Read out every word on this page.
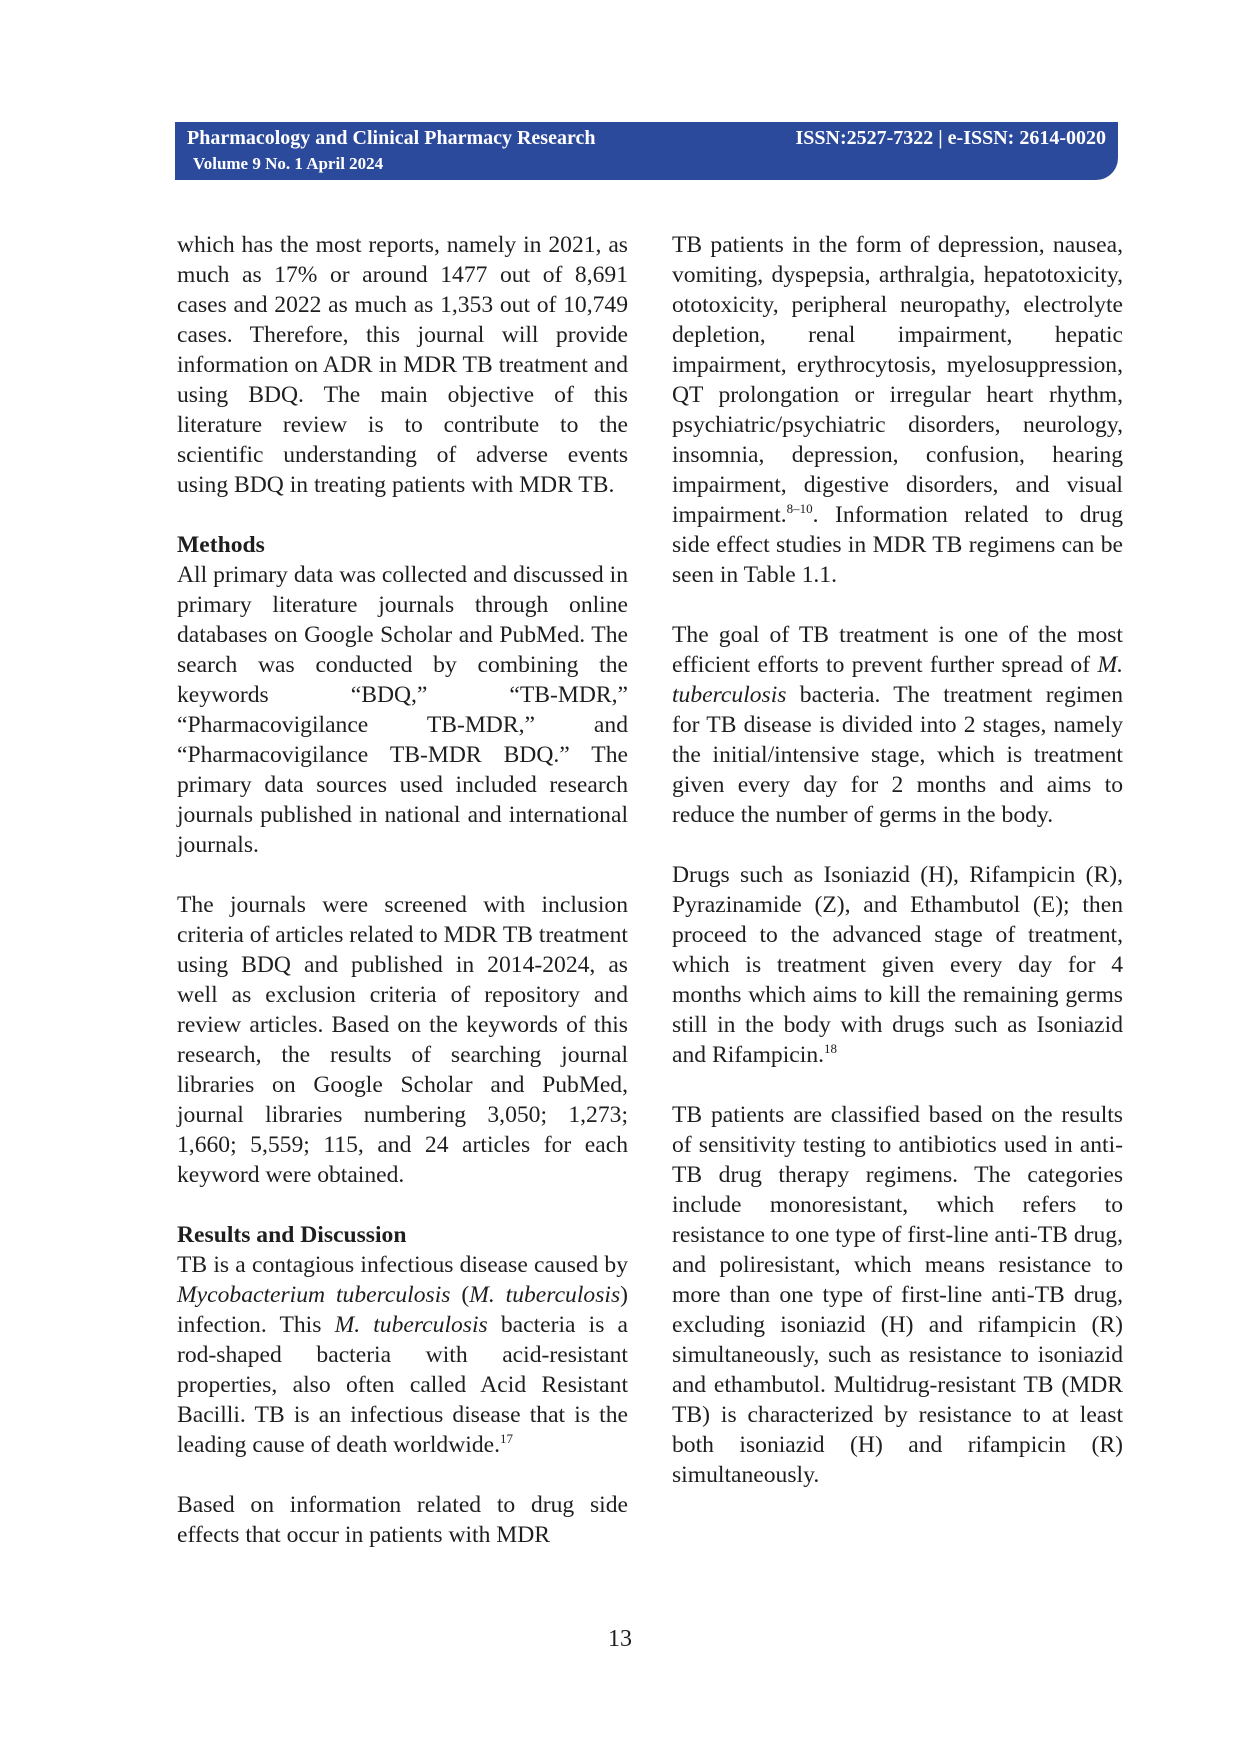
Pharmacology and Clinical Pharmacy Research
Volume 9 No. 1 April 2024
ISSN:2527-7322 | e-ISSN: 2614-0020

which has the most reports, namely in 2021, as much as 17% or around 1477 out of 8,691 cases and 2022 as much as 1,353 out of 10,749 cases. Therefore, this journal will provide information on ADR in MDR TB treatment and using BDQ. The main objective of this literature review is to contribute to the scientific understanding of adverse events using BDQ in treating patients with MDR TB.

Methods

All primary data was collected and discussed in primary literature journals through online databases on Google Scholar and PubMed. The search was conducted by combining the keywords “BDQ,” “TB-MDR,” “Pharmacovigilance TB-MDR,” and “Pharmacovigilance TB-MDR BDQ.” The primary data sources used included research journals published in national and international journals.

The journals were screened with inclusion criteria of articles related to MDR TB treatment using BDQ and published in 2014-2024, as well as exclusion criteria of repository and review articles. Based on the keywords of this research, the results of searching journal libraries on Google Scholar and PubMed, journal libraries numbering 3,050; 1,273; 1,660; 5,559; 115, and 24 articles for each keyword were obtained.

Results and Discussion

TB is a contagious infectious disease caused by Mycobacterium tuberculosis (M. tuberculosis) infection. This M. tuberculosis bacteria is a rod-shaped bacteria with acid-resistant properties, also often called Acid Resistant Bacilli. TB is an infectious disease that is the leading cause of death worldwide.$^{17}$

Based on information related to drug side effects that occur in patients with MDR

TB patients in the form of depression, nausea, vomiting, dyspepsia, arthralgia, hepatotoxicity, ototoxicity, peripheral neuropathy, electrolyte depletion, renal impairment, hepatic impairment, erythrocytosis, myelosuppression, QT prolongation or irregular heart rhythm, psychiatric/psychiatric disorders, neurology, insomnia, depression, confusion, hearing impairment, digestive disorders, and visual impairment.$^{8-10}$. Information related to drug side effect studies in MDR TB regimens can be seen in Table 1.1.

The goal of TB treatment is one of the most efficient efforts to prevent further spread of M. tuberculosis bacteria. The treatment regimen for TB disease is divided into 2 stages, namely the initial/intensive stage, which is treatment given every day for 2 months and aims to reduce the number of germs in the body.

Drugs such as Isoniazid (H), Rifampicin (R), Pyrazinamide (Z), and Ethambutol (E); then proceed to the advanced stage of treatment, which is treatment given every day for 4 months which aims to kill the remaining germs still in the body with drugs such as Isoniazid and Rifampicin.$^{18}$

TB patients are classified based on the results of sensitivity testing to antibiotics used in anti-TB drug therapy regimens. The categories include monoresistant, which refers to resistance to one type of first-line anti-TB drug, and poliresistant, which means resistance to more than one type of first-line anti-TB drug, excluding isoniazid (H) and rifampicin (R) simultaneously, such as resistance to isoniazid and ethambutol. Multidrug-resistant TB (MDR TB) is characterized by resistance to at least both isoniazid (H) and rifampicin (R) simultaneously.

13
